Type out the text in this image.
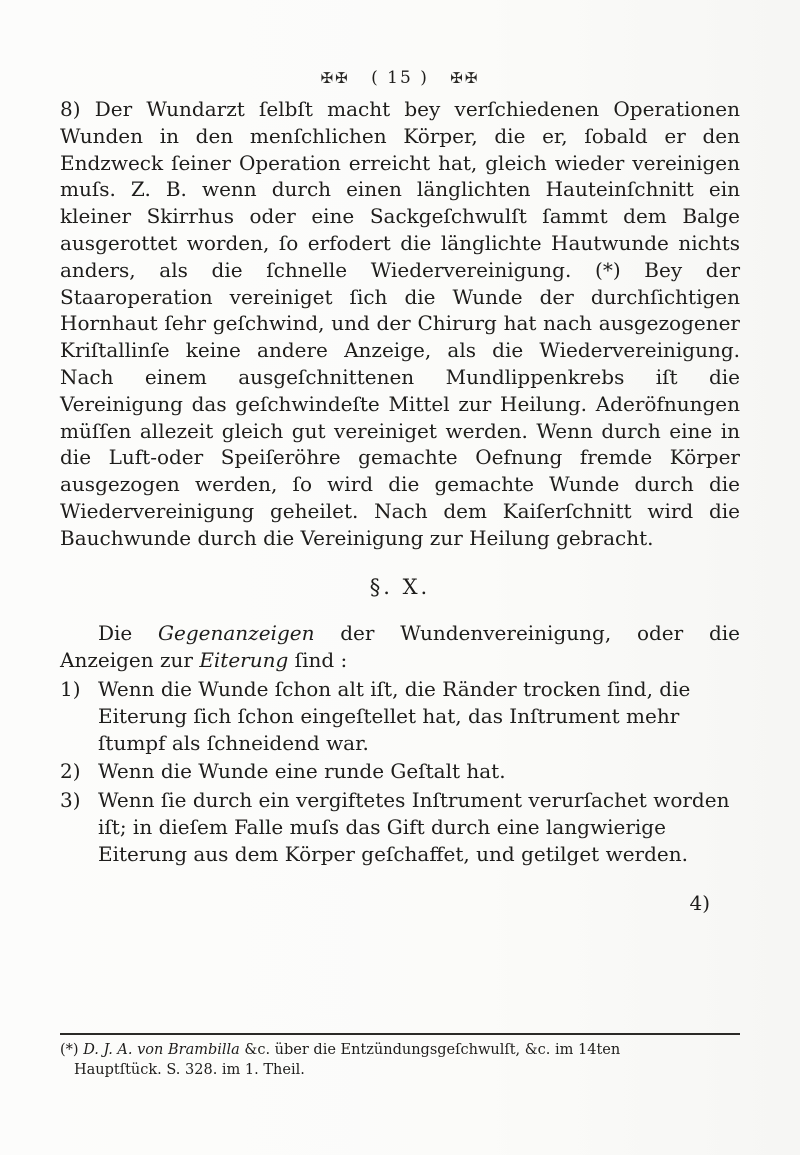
✠✠ ( 15 ) ✠✠

8) Der Wundarzt ſelbſt macht bey verſchiedenen Operationen Wunden in den menſchlichen Körper, die er, ſobald er den Endzweck ſeiner Operation erreicht hat, gleich wieder vereinigen muſs. Z. B. wenn durch einen länglichten Hauteinſchnitt ein kleiner Skirrhus oder eine Sackgeſchwulſt ſammt dem Balge ausgerottet worden, ſo erfodert die länglichte Hautwunde nichts anders, als die ſchnelle Wiedervereinigung. (*) Bey der Staaroperation vereiniget ſich die Wunde der durchſichtigen Hornhaut ſehr geſchwind, und der Chirurg hat nach ausgezogener Kriſtallinſe keine andere Anzeige, als die Wiedervereinigung. Nach einem ausgeſchnittenen Mundlippenkrebs iſt die Vereinigung das geſchwindeſte Mittel zur Heilung. Aderöfnungen müſſen allezeit gleich gut vereiniget werden. Wenn durch eine in die Luft-oder Speiſeröhre gemachte Oefnung fremde Körper ausgezogen werden, ſo wird die gemachte Wunde durch die Wiedervereinigung geheilet. Nach dem Kaiſerſchnitt wird die Bauchwunde durch die Vereinigung zur Heilung gebracht.

§. X.

Die Gegenanzeigen der Wundenvereinigung, oder die Anzeigen zur Eiterung ſind :

1) Wenn die Wunde ſchon alt iſt, die Ränder trocken ſind, die Eiterung ſich ſchon eingeſtellet hat, das Inſtrument mehr ſtumpf als ſchneidend war.
2) Wenn die Wunde eine runde Geſtalt hat.
3) Wenn ſie durch ein vergiftetes Inſtrument verurſachet worden iſt; in dieſem Falle muſs das Gift durch eine langwierige Eiterung aus dem Körper geſchaffet, und getilget werden.
4)
(*) D. J. A. von Brambilla &c. über die Entzündungsgeſchwulſt, &c. im 14ten
Hauptſtück. S. 328. im 1. Theil.
